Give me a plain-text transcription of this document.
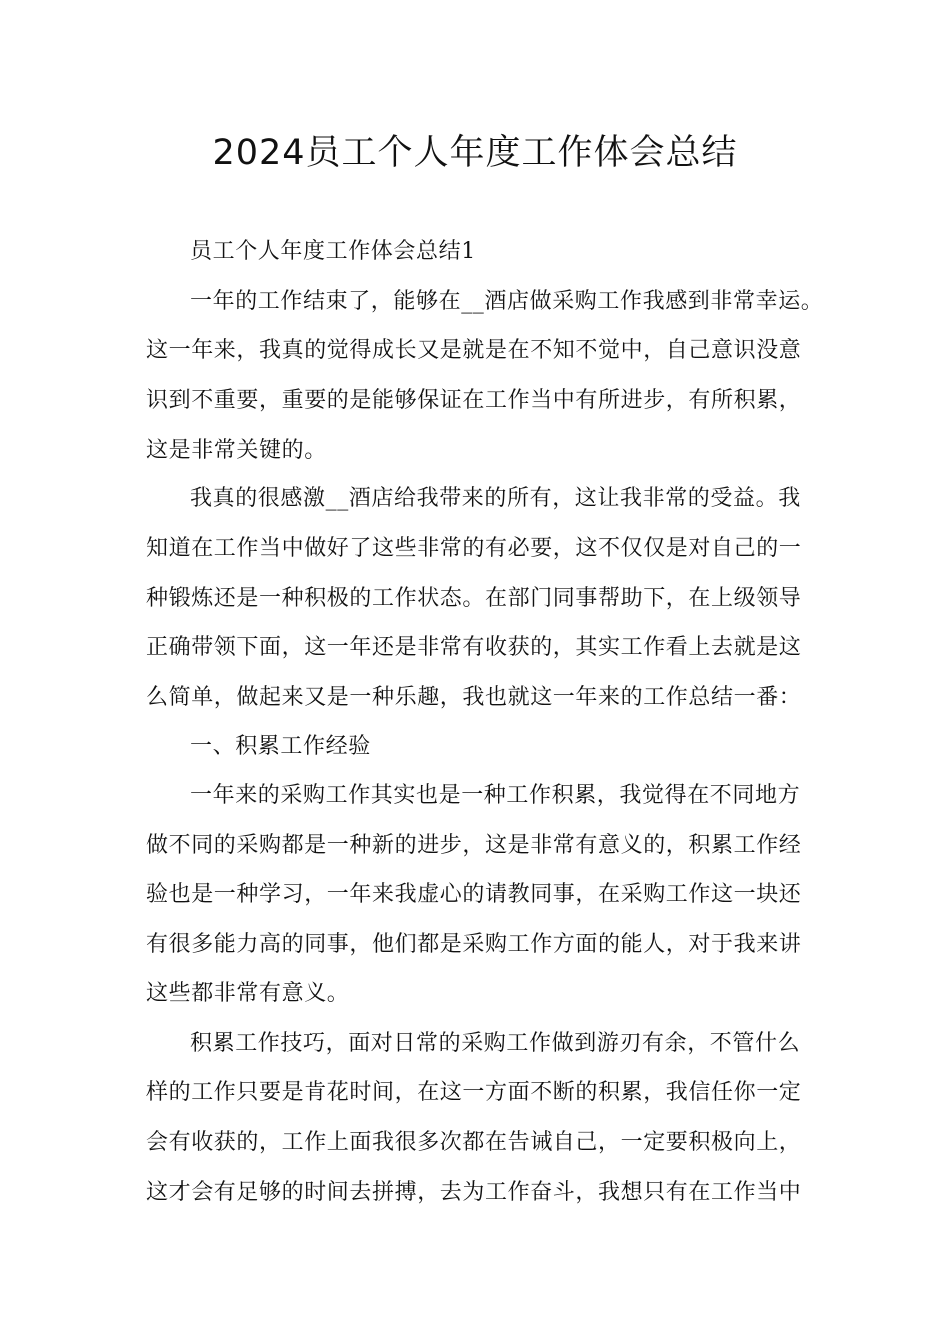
2024员工个人年度工作体会总结
员工个人年度工作体会总结1
一年的工作结束了，能够在__酒店做采购工作我感到非常幸运。
这一年来，我真的觉得成长又是就是在不知不觉中，自己意识没意
识到不重要，重要的是能够保证在工作当中有所进步，有所积累，
这是非常关键的。
我真的很感激__酒店给我带来的所有，这让我非常的受益。我
知道在工作当中做好了这些非常的有必要，这不仅仅是对自己的一
种锻炼还是一种积极的工作状态。在部门同事帮助下，在上级领导
正确带领下面，这一年还是非常有收获的，其实工作看上去就是这
么简单，做起来又是一种乐趣，我也就这一年来的工作总结一番：
一、积累工作经验
一年来的采购工作其实也是一种工作积累，我觉得在不同地方
做不同的采购都是一种新的进步，这是非常有意义的，积累工作经
验也是一种学习，一年来我虚心的请教同事，在采购工作这一块还
有很多能力高的同事，他们都是采购工作方面的能人，对于我来讲
这些都非常有意义。
积累工作技巧，面对日常的采购工作做到游刃有余，不管什么
样的工作只要是肯花时间，在这一方面不断的积累，我信任你一定
会有收获的，工作上面我很多次都在告诫自己，一定要积极向上，
这才会有足够的时间去拼搏，去为工作奋斗，我想只有在工作当中
